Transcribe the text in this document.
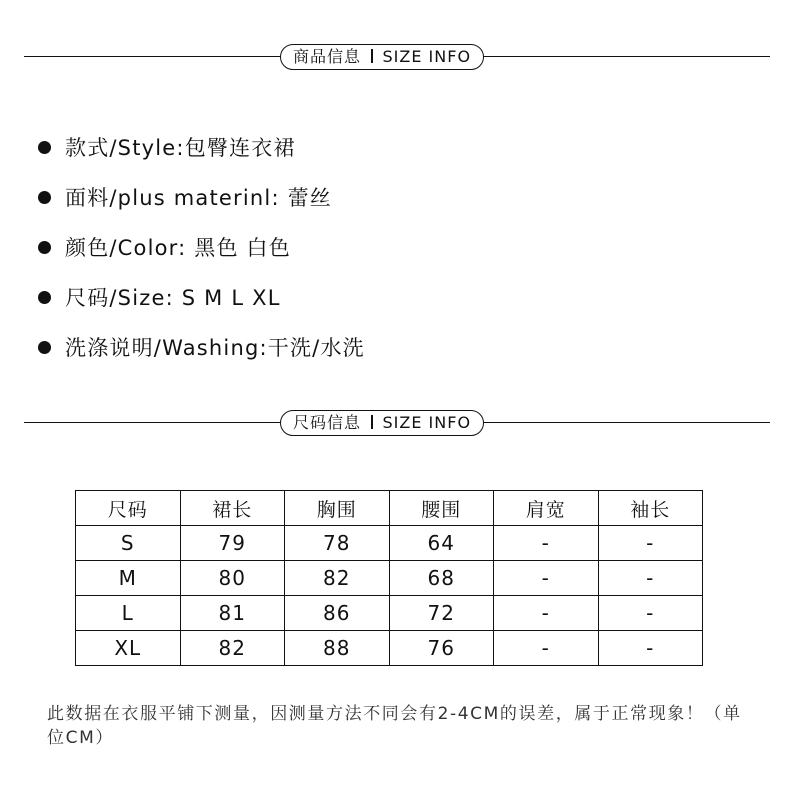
商品信息 SIZE INFO
款式/Style:包臀连衣裙
面料/plus materinl: 蕾丝
颜色/Color: 黑色 白色
尺码/Size: S M L XL
洗涤说明/Washing:干洗/水洗
尺码信息 SIZE INFO
尺码	裙长	胸围	腰围	肩宽	袖长
S	79	78	64	-	-
M	80	82	68	-	-
L	81	86	72	-	-
XL	82	88	76	-	-
此数据在衣服平铺下测量，因测量方法不同会有2-4CM的误差，属于正常现象！（单位CM）
